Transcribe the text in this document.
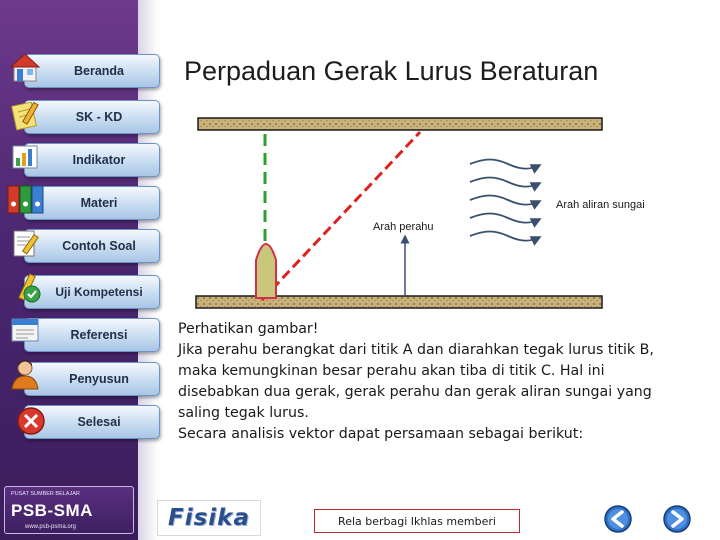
Beranda
SK - KD
Indikator
Materi
Contoh Soal
Uji Kompetensi
Referensi
Penyusun
Selesai
PUSAT SUMBER BELAJAR
PSB-SMA
www.psb-psma.org
Perpaduan Gerak Lurus Beraturan
Arah aliran sungai
Arah perahu

Perhatikan gambar!

Jika perahu berangkat dari titik A dan diarahkan tegak lurus titik B, maka kemungkinan besar perahu akan tiba di titik C. Hal ini disebabkan dua gerak, gerak perahu dan gerak aliran sungai yang saling tegak lurus.

Secara analisis vektor dapat persamaan sebagai berikut:

Fisika	Rela berbagi Ikhlas memberi
